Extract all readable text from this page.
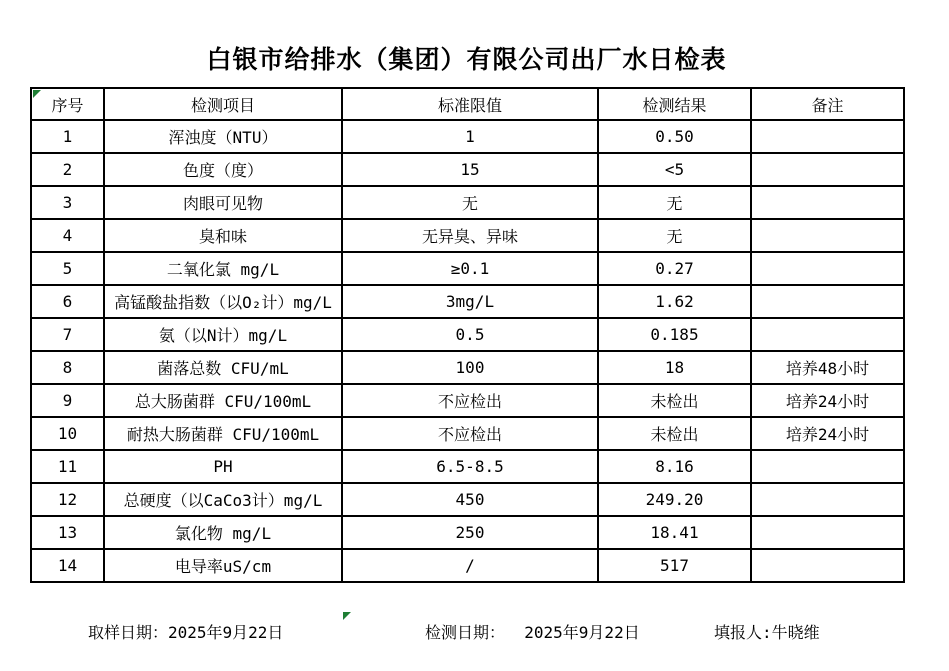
白银市给排水（集团）有限公司出厂水日检表
序号	检测项目	标准限值	检测结果	备注
1	浑浊度（NTU）	1	0.50	
2	色度（度）	15	<5	
3	肉眼可见物	无	无	
4	臭和味	无异臭、异味	无	
5	二氧化氯 mg/L	≥0.1	0.27	
6	高锰酸盐指数（以O₂计）mg/L	3mg/L	1.62	
7	氨（以N计）mg/L	0.5	0.185	
8	菌落总数 CFU/mL	100	18	培养48小时
9	总大肠菌群 CFU/100mL	不应检出	未检出	培养24小时
10	耐热大肠菌群 CFU/100mL	不应检出	未检出	培养24小时
11	PH	6.5-8.5	8.16	
12	总硬度（以CaCo3计）mg/L	450	249.20	
13	氯化物 mg/L	250	18.41	
14	电导率uS/cm	/	517	
取样日期：2025年9月22日	检测日期：  2025年9月22日	填报人:牛晓维
